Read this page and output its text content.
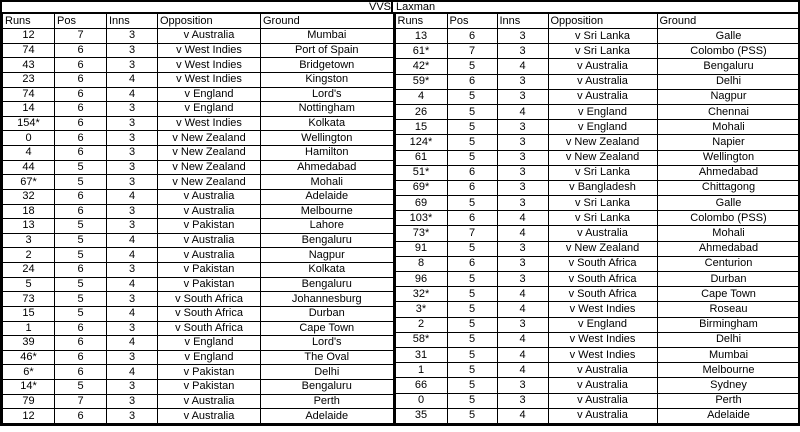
VVS Laxman
Runs	Pos	Inns	Opposition	Ground
12	7	3	v Australia	Mumbai
74	6	3	v West Indies	Port of Spain
43	6	3	v West Indies	Bridgetown
23	6	4	v West Indies	Kingston
74	6	4	v England	Lord's
14	6	3	v England	Nottingham
154*	6	3	v West Indies	Kolkata
0	6	3	v New Zealand	Wellington
4	6	3	v New Zealand	Hamilton
44	5	3	v New Zealand	Ahmedabad
67*	5	3	v New Zealand	Mohali
32	6	4	v Australia	Adelaide
18	6	3	v Australia	Melbourne
13	5	3	v Pakistan	Lahore
3	5	4	v Australia	Bengaluru
2	5	4	v Australia	Nagpur
24	6	3	v Pakistan	Kolkata
5	5	4	v Pakistan	Bengaluru
73	5	3	v South Africa	Johannesburg
15	5	4	v South Africa	Durban
1	6	3	v South Africa	Cape Town
39	6	4	v England	Lord's
46*	6	3	v England	The Oval
6*	6	4	v Pakistan	Delhi
14*	5	3	v Pakistan	Bengaluru
79	7	3	v Australia	Perth
12	6	3	v Australia	Adelaide
Runs	Pos	Inns	Opposition	Ground
13	6	3	v Sri Lanka	Galle
61*	7	3	v Sri Lanka	Colombo (PSS)
42*	5	4	v Australia	Bengaluru
59*	6	3	v Australia	Delhi
4	5	3	v Australia	Nagpur
26	5	4	v England	Chennai
15	5	3	v England	Mohali
124*	5	3	v New Zealand	Napier
61	5	3	v New Zealand	Wellington
51*	6	3	v Sri Lanka	Ahmedabad
69*	6	3	v Bangladesh	Chittagong
69	5	3	v Sri Lanka	Galle
103*	6	4	v Sri Lanka	Colombo (PSS)
73*	7	4	v Australia	Mohali
91	5	3	v New Zealand	Ahmedabad
8	6	3	v South Africa	Centurion
96	5	3	v South Africa	Durban
32*	5	4	v South Africa	Cape Town
3*	5	4	v West Indies	Roseau
2	5	3	v England	Birmingham
58*	5	4	v West Indies	Delhi
31	5	4	v West Indies	Mumbai
1	5	4	v Australia	Melbourne
66	5	3	v Australia	Sydney
0	5	3	v Australia	Perth
35	5	4	v Australia	Adelaide
